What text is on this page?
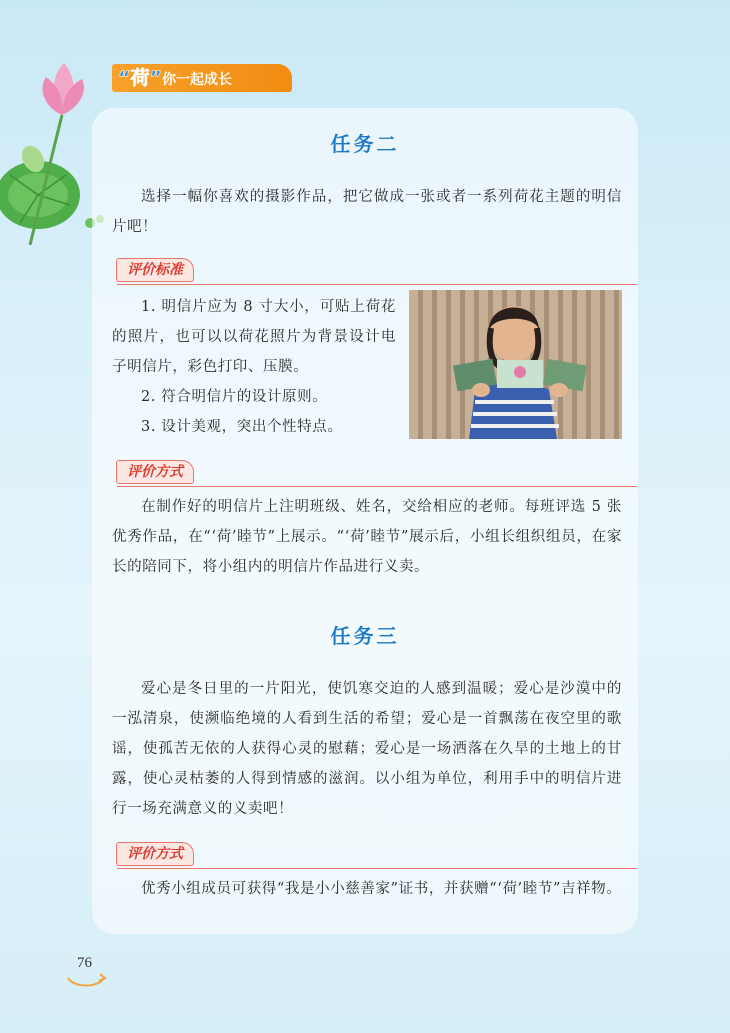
“荷”你一起成长
任务二

选择一幅你喜欢的摄影作品，把它做成一张或者一系列荷花主题的明信片吧！

评价标准

1. 明信片应为 8 寸大小，可贴上荷花的照片，也可以以荷花照片为背景设计电子明信片，彩色打印、压膜。

2. 符合明信片的设计原则。

3. 设计美观，突出个性特点。

评价方式

在制作好的明信片上注明班级、姓名，交给相应的老师。每班评选 5 张优秀作品，在“‘荷’睦节”上展示。“‘荷’睦节”展示后，小组长组织组员，在家长的陪同下，将小组内的明信片作品进行义卖。

任务三

爱心是冬日里的一片阳光，使饥寒交迫的人感到温暖；爱心是沙漠中的一泓清泉，使濒临绝境的人看到生活的希望；爱心是一首飘荡在夜空里的歌谣，使孤苦无依的人获得心灵的慰藉；爱心是一场洒落在久旱的土地上的甘露，使心灵枯萎的人得到情感的滋润。以小组为单位，利用手中的明信片进行一场充满意义的义卖吧！

评价方式

优秀小组成员可获得“我是小小慈善家”证书，并获赠“‘荷’睦节”吉祥物。

76
